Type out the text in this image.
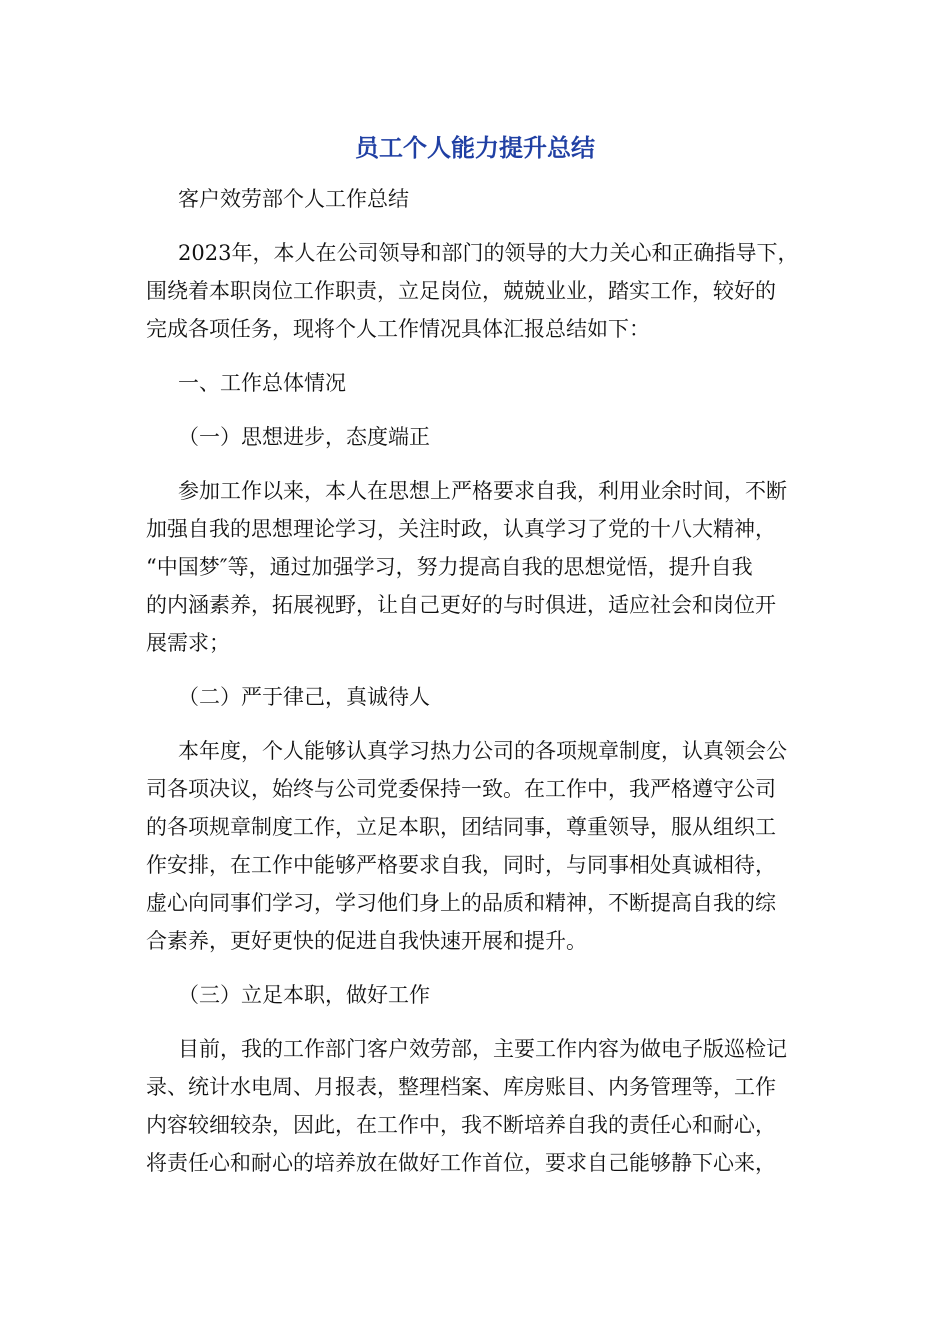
员工个人能力提升总结
客户效劳部个人工作总结
2023年，本人在公司领导和部门的领导的大力关心和正确指导下，
围绕着本职岗位工作职责，立足岗位，兢兢业业，踏实工作，较好的
完成各项任务，现将个人工作情况具体汇报总结如下：
一、工作总体情况
（一）思想进步，态度端正
参加工作以来，本人在思想上严格要求自我，利用业余时间，不断
加强自我的思想理论学习，关注时政，认真学习了党的十八大精神，
“中国梦″等，通过加强学习，努力提高自我的思想觉悟，提升自我
的内涵素养，拓展视野，让自己更好的与时俱进，适应社会和岗位开
展需求；
（二）严于律己，真诚待人
本年度，个人能够认真学习热力公司的各项规章制度，认真领会公
司各项决议，始终与公司党委保持一致。在工作中，我严格遵守公司
的各项规章制度工作，立足本职，团结同事，尊重领导，服从组织工
作安排，在工作中能够严格要求自我，同时，与同事相处真诚相待，
虚心向同事们学习，学习他们身上的品质和精神，不断提高自我的综
合素养，更好更快的促进自我快速开展和提升。
（三）立足本职，做好工作
目前，我的工作部门客户效劳部，主要工作内容为做电子版巡检记
录、统计水电周、月报表，整理档案、库房账目、内务管理等，工作
内容较细较杂，因此，在工作中，我不断培养自我的责任心和耐心，
将责任心和耐心的培养放在做好工作首位，要求自己能够静下心来，
